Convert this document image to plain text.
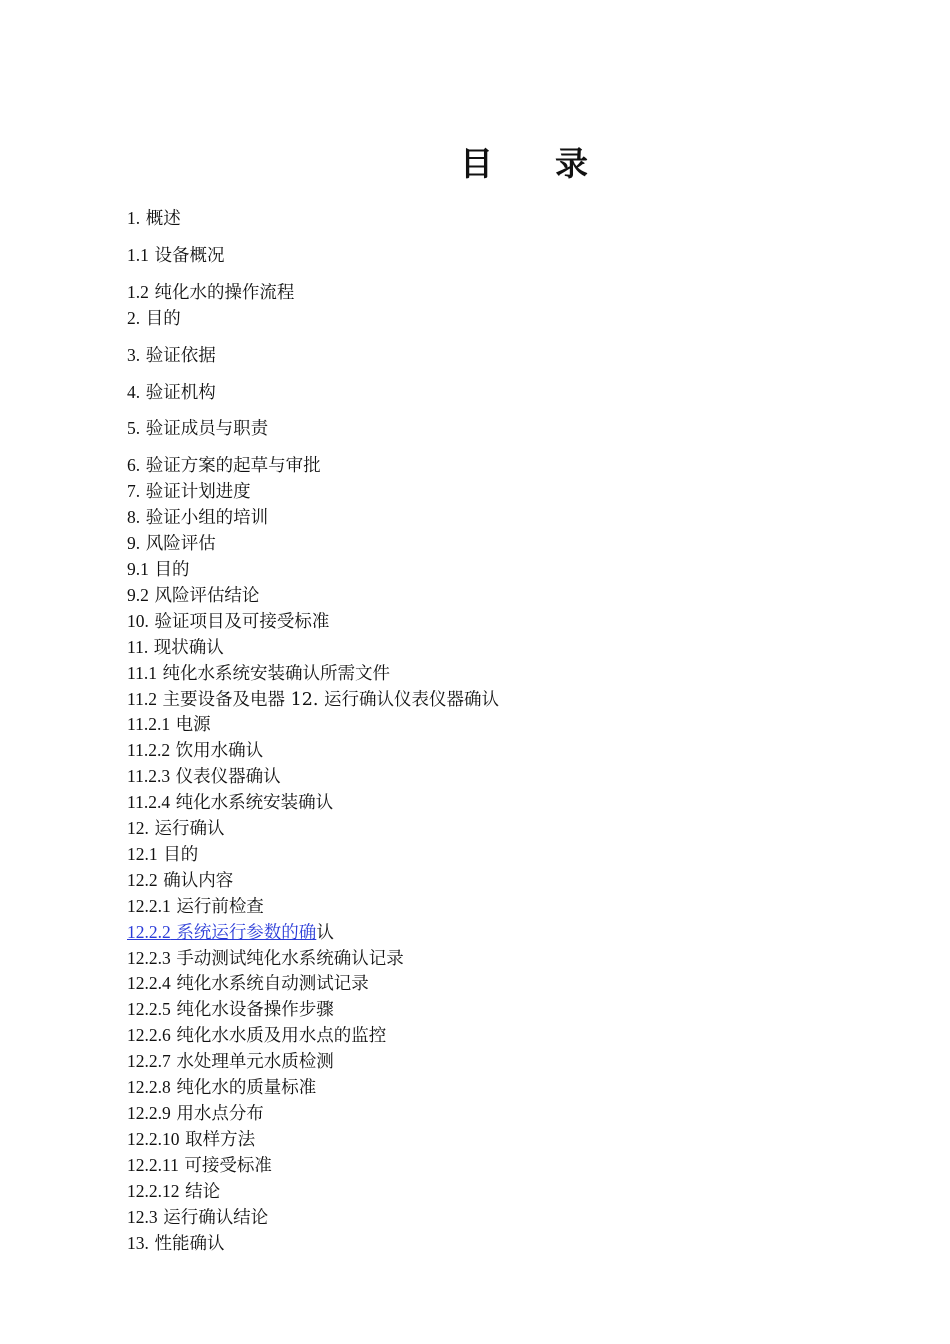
目 录
1. 概述
1.1 设备概况
1.2 纯化水的操作流程
2. 目的
3. 验证依据
4. 验证机构
5. 验证成员与职责
6. 验证方案的起草与审批
7. 验证计划进度
8. 验证小组的培训
9. 风险评估
9.1 目的
9.2 风险评估结论
10. 验证项目及可接受标准
11. 现状确认
11.1 纯化水系统安装确认所需文件
11.2 主要设备及电器 12. 运行确认仪表仪器确认
11.2.1 电源
11.2.2 饮用水确认
11.2.3 仪表仪器确认
11.2.4 纯化水系统安装确认
12. 运行确认
12.1 目的
12.2 确认内容
12.2.1 运行前检查
12.2.2 系统运行参数的确认
12.2.3 手动测试纯化水系统确认记录
12.2.4 纯化水系统自动测试记录
12.2.5 纯化水设备操作步骤
12.2.6 纯化水水质及用水点的监控
12.2.7 水处理单元水质检测
12.2.8 纯化水的质量标准
12.2.9 用水点分布
12.2.10 取样方法
12.2.11 可接受标准
12.2.12 结论
12.3 运行确认结论
13. 性能确认
